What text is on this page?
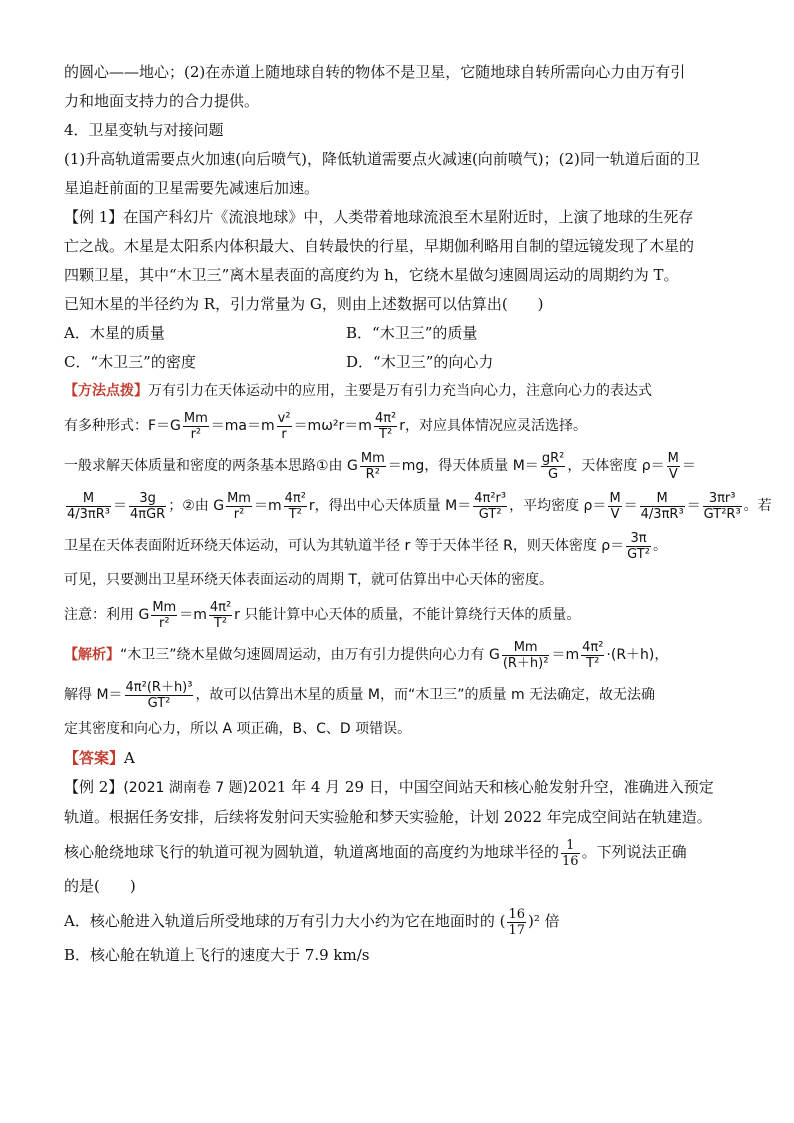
的圆心——地心；(2)在赤道上随地球自转的物体不是卫星，它随地球自转所需向心力由万有引

力和地面支持力的合力提供。

4．卫星变轨与对接问题

(1)升高轨道需要点火加速(向后喷气)，降低轨道需要点火减速(向前喷气)；(2)同一轨道后面的卫

星追赶前面的卫星需要先减速后加速。

【例 1】在国产科幻片《流浪地球》中，人类带着地球流浪至木星附近时，上演了地球的生死存

亡之战。木星是太阳系内体积最大、自转最快的行星，早期伽利略用自制的望远镜发现了木星的

四颗卫星，其中“木卫三”离木星表面的高度约为 h，它绕木星做匀速圆周运动的周期约为 T。

已知木星的半径约为 R，引力常量为 G，则由上述数据可以估算出(　　)

A．木星的质量	B．“木卫三”的质量
C．“木卫三”的密度	D．“木卫三”的向心力

【方法点拨】万有引力在天体运动中的应用，主要是万有引力充当向心力，注意向心力的表达式

有多种形式：$F=G \frac{Mm}{\text{r²}} =ma=m \frac{\text{v²}}{r} =m\omega^2r=m \frac{\text{4π²}}{\text{T²}}$ r，对应具体情况应灵活选择。

一般求解天体质量和密度的两条基本思路①由 G $\frac{Mm}{\text{R²}} =mg$，得天体质量 $M= \frac{\text{gR²}}{G}$ ，天体密度 $\rho= \frac{M}{V}$ ＝

$\frac{M}{\text{4/3πR³}} = \frac{3g}{\text{4πGR}}$ ；②由 G $\frac{Mm}{\text{r²}} =m \frac{\text{4π²}}{\text{T²}}$ r，得出中心天体质量 $M= \frac{\text{4π²r³}}{\text{GT²}}$ ，平均密度 $\rho= \frac{M}{V} = \frac{M}{\text{4/3πR³}} = \frac{\text{3πr³}}{\text{GT²R³}}$ 。若

卫星在天体表面附近环绕天体运动，可认为其轨道半径 r 等于天体半径 R，则天体密度 $\rho= \frac{3\pi}{\text{GT²}}$ 。

可见，只要测出卫星环绕天体表面运动的周期 T，就可估算出中心天体的密度。

注意：利用 G $\frac{Mm}{\text{r²}} =m \frac{\text{4π²}}{\text{T²}}$ r 只能计算中心天体的质量，不能计算绕行天体的质量。

【解析】“木卫三”绕木星做匀速圆周运动，由万有引力提供向心力有 G $\frac{Mm}{\text{(R＋h)²}} =m \frac{\text{4π²}}{\text{T²}} \cdot(R+h)$，

解得 $M= \frac{\text{4π²(R＋h)³}}{\text{GT²}}$ ，故可以估算出木星的质量 M，而“木卫三”的质量 m 无法确定，故无法确

定其密度和向心力，所以 A 项正确，B、C、D 项错误。

【答案】A

【例 2】(2021 湖南卷 7 题)2021 年 4 月 29 日，中国空间站天和核心舱发射升空，准确进入预定

轨道。根据任务安排，后续将发射问天实验舱和梦天实验舱，计划 2022 年完成空间站在轨建造。

核心舱绕地球飞行的轨道可视为圆轨道，轨道离地面的高度约为地球半径的 $\frac{1}{16}$ 。下列说法正确

的是(　　)

A．核心舱进入轨道后所受地球的万有引力大小约为它在地面时的 ( $\frac{16}{17} )^2$ 倍

B．核心舱在轨道上飞行的速度大于 7.9 km/s
